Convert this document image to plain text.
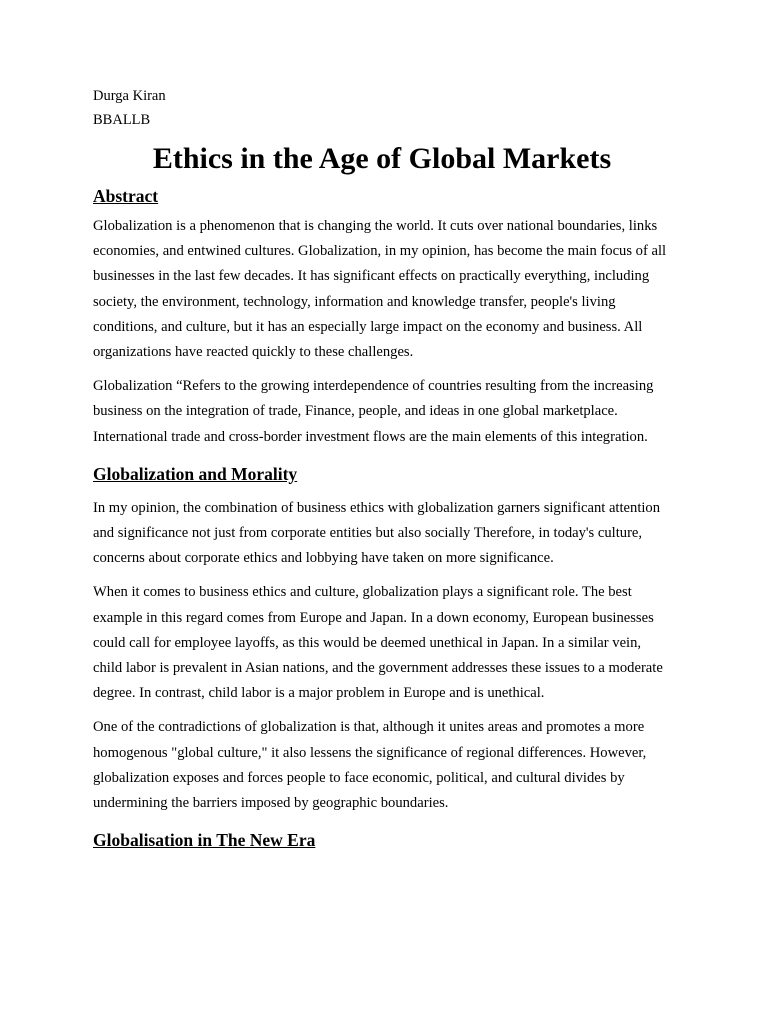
Durga Kiran
BBALLB
Ethics in the Age of Global Markets
Abstract

Globalization is a phenomenon that is changing the world. It cuts over national boundaries, links economies, and entwined cultures. Globalization, in my opinion, has become the main focus of all businesses in the last few decades. It has significant effects on practically everything, including society, the environment, technology, information and knowledge transfer, people's living conditions, and culture, but it has an especially large impact on the economy and business. All organizations have reacted quickly to these challenges.

Globalization “Refers to the growing interdependence of countries resulting from the increasing business on the integration of trade, Finance, people, and ideas in one global marketplace. International trade and cross-border investment flows are the main elements of this integration.

Globalization and Morality

In my opinion, the combination of business ethics with globalization garners significant attention and significance not just from corporate entities but also socially Therefore, in today's culture, concerns about corporate ethics and lobbying have taken on more significance.

When it comes to business ethics and culture, globalization plays a significant role. The best example in this regard comes from Europe and Japan. In a down economy, European businesses could call for employee layoffs, as this would be deemed unethical in Japan. In a similar vein, child labor is prevalent in Asian nations, and the government addresses these issues to a moderate degree. In contrast, child labor is a major problem in Europe and is unethical.

One of the contradictions of globalization is that, although it unites areas and promotes a more homogenous "global culture," it also lessens the significance of regional differences. However, globalization exposes and forces people to face economic, political, and cultural divides by undermining the barriers imposed by geographic boundaries.

Globalisation in The New Era
